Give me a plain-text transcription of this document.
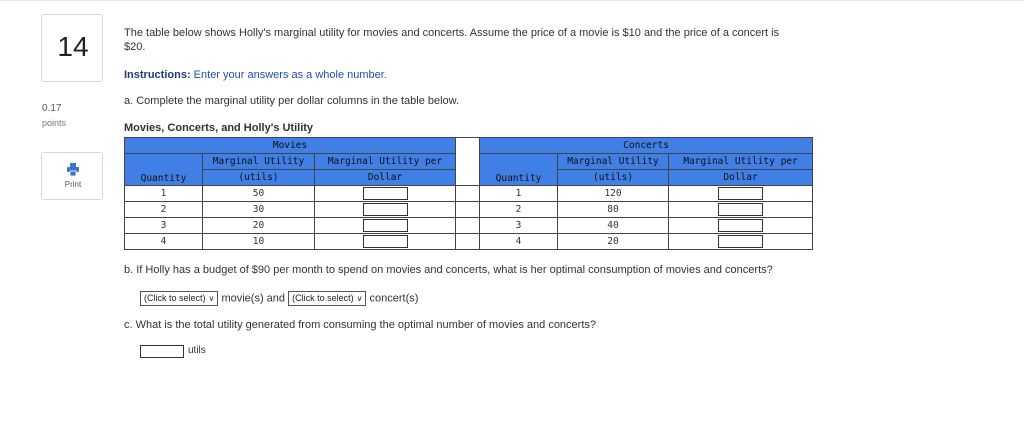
14
0.17
points
Print
The table below shows Holly's marginal utility for movies and concerts. Assume the price of a movie is $10 and the price of a concert is
$20.
Instructions: Enter your answers as a whole number.
a. Complete the marginal utility per dollar columns in the table below.
Movies, Concerts, and Holly's Utility
Movies				Concerts		
Quantity	Marginal Utility	Marginal Utility per		Quantity	Marginal Utility	Marginal Utility per
	(utils)	Dollar			(utils)	Dollar
1	50			1	120	
2	30			2	80	
3	20			3	40	
4	10			4	20	
b. If Holly has a budget of $90 per month to spend on movies and concerts, what is her optimal consumption of movies and concerts?
(Click to select) ∨ movie(s) and (Click to select) ∨ concert(s)
c. What is the total utility generated from consuming the optimal number of movies and concerts?
utils
